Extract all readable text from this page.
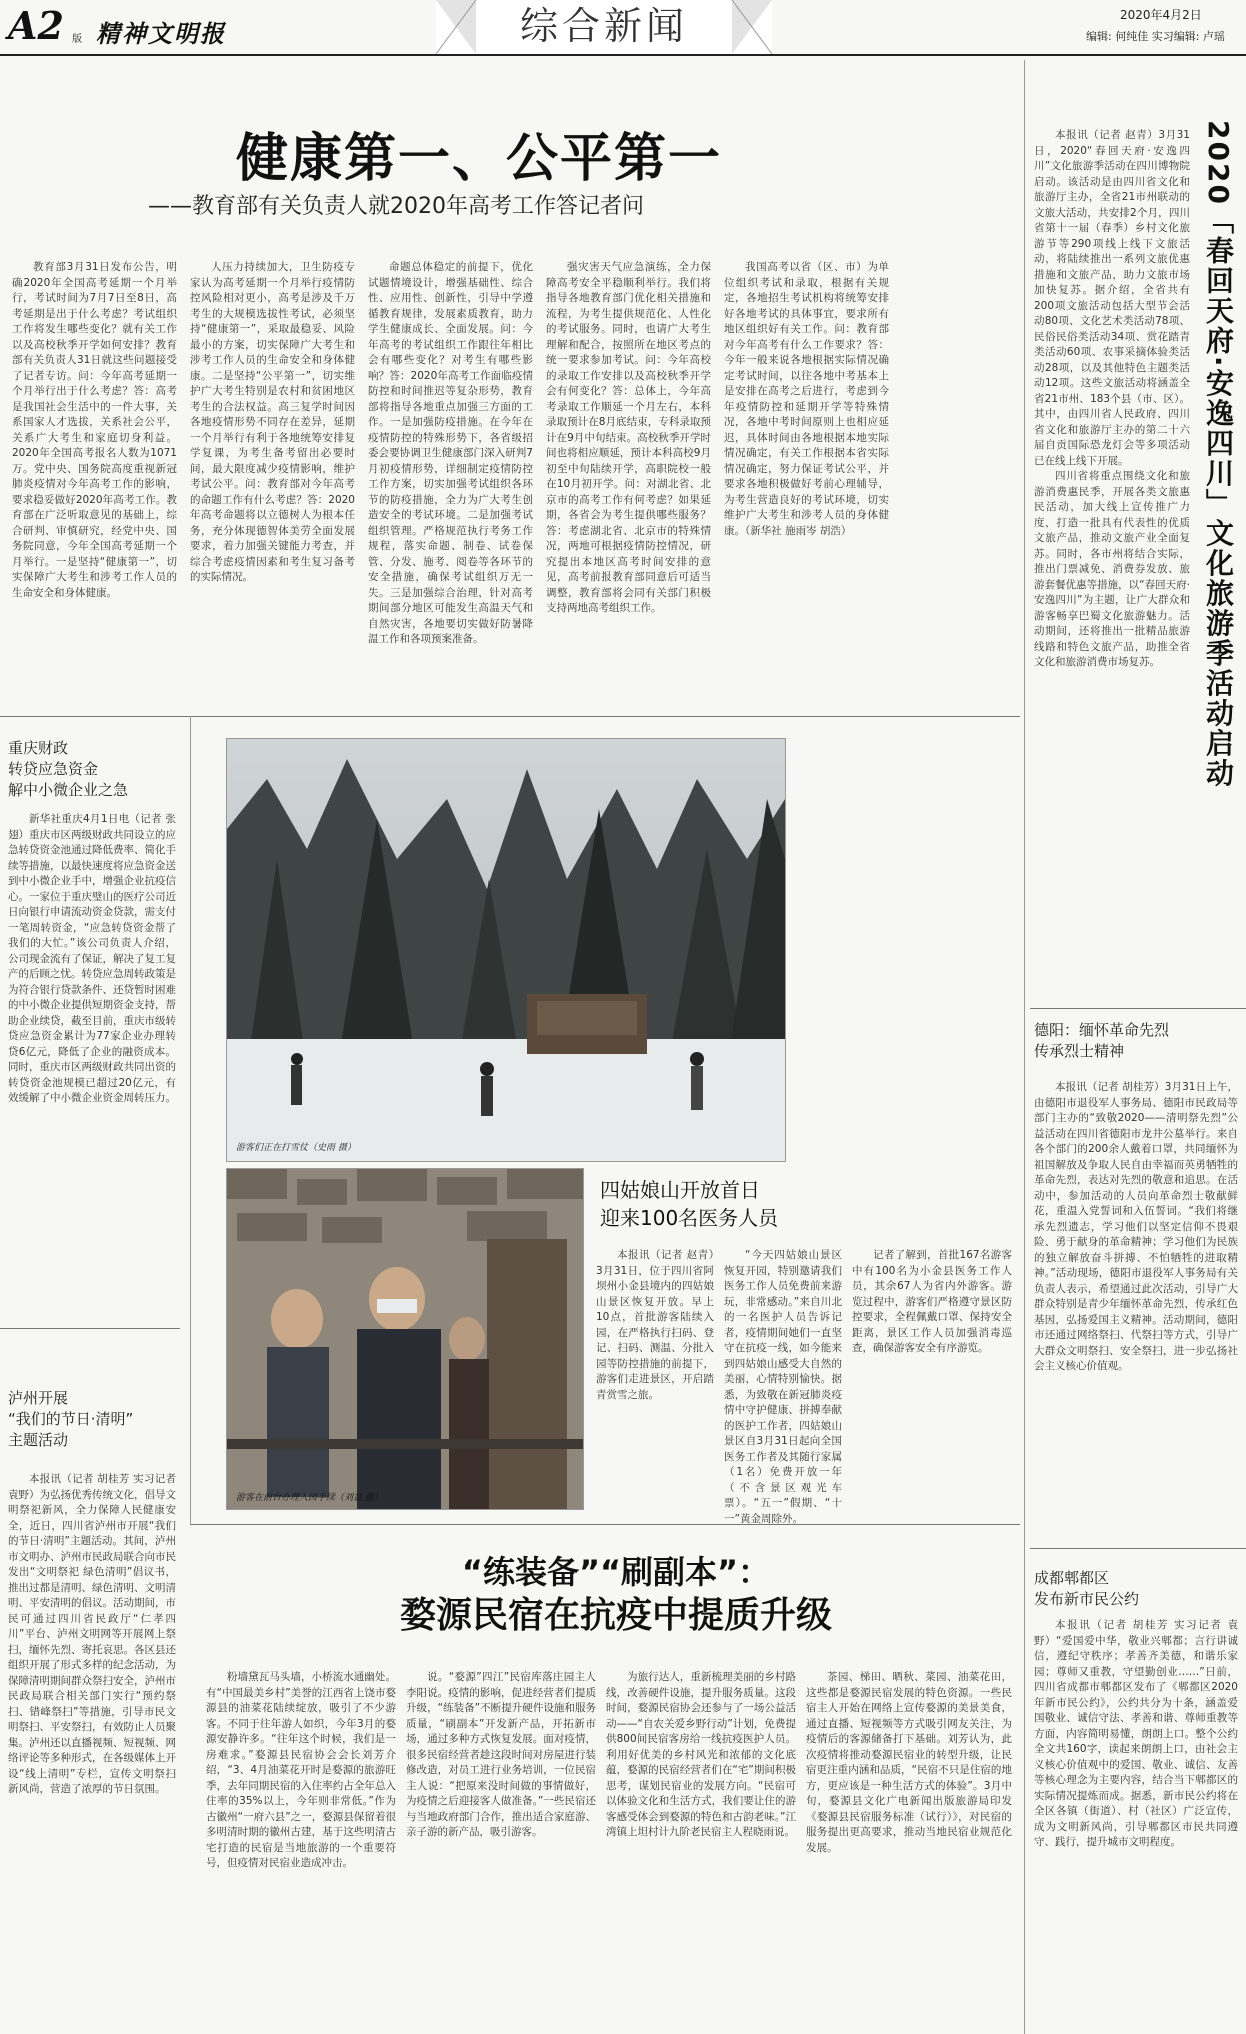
A2 版 精神文明报	综合新闻	2020年4月2日
编辑: 何纯佳 实习编辑: 卢瑶
健康第一、公平第一
——教育部有关负责人就2020年高考工作答记者问

教育部3月31日发布公告，明确2020年全国高考延期一个月举行，考试时间为7月7日至8日，高考延期是出于什么考虑？考试组织工作将发生哪些变化？就有关工作以及高校秋季开学如何安排？教育部有关负责人31日就这些问题接受了记者专访。问：今年高考延期一个月举行出于什么考虑？答：高考是我国社会生活中的一件大事，关系国家人才选拔，关系社会公平，关系广大考生和家庭切身利益。2020年全国高考报名人数为1071万。党中央、国务院高度重视新冠肺炎疫情对今年高考工作的影响，要求稳妥做好2020年高考工作。教育部在广泛听取意见的基础上，综合研判、审慎研究，经党中央、国务院同意，今年全国高考延期一个月举行。一是坚持“健康第一”，切实保障广大考生和涉考工作人员的生命安全和身体健康。

人压力持续加大，卫生防疫专家认为高考延期一个月举行疫情防控风险相对更小，高考是涉及千万考生的大规模选拔性考试，必须坚持“健康第一”，采取最稳妥、风险最小的方案，切实保障广大考生和涉考工作人员的生命安全和身体健康。二是坚持“公平第一”，切实维护广大考生特别是农村和贫困地区考生的合法权益。高三复学时间因各地疫情形势不同存在差异，延期一个月举行有利于各地统筹安排复学复课，为考生备考留出必要时间，最大限度减少疫情影响，维护考试公平。问：教育部对今年高考的命题工作有什么考虑？答：2020年高考命题将以立德树人为根本任务，充分体现德智体美劳全面发展要求，着力加强关键能力考查，并综合考虑疫情因素和考生复习备考的实际情况。

命题总体稳定的前提下，优化试题情境设计，增强基础性、综合性、应用性、创新性，引导中学遵循教育规律，发展素质教育，助力学生健康成长、全面发展。问：今年高考的考试组织工作跟往年相比会有哪些变化？对考生有哪些影响？答：2020年高考工作面临疫情防控和时间推迟等复杂形势，教育部将指导各地重点加强三方面的工作。一是加强防疫措施。在今年在疫情防控的特殊形势下，各省级招委会要协调卫生健康部门深入研判7月初疫情形势，详细制定疫情防控工作方案，切实加强考试组织各环节的防疫措施，全力为广大考生创造安全的考试环境。二是加强考试组织管理。严格规范执行考务工作规程，落实命题、制卷、试卷保管、分发、施考、阅卷等各环节的安全措施，确保考试组织万无一失。三是加强综合治理，针对高考期间部分地区可能发生高温天气和自然灾害，各地要切实做好防暑降温工作和各项预案准备。

强灾害天气应急演练，全力保障高考安全平稳顺利举行。我们将指导各地教育部门优化相关措施和流程，为考生提供规范化、人性化的考试服务。同时，也请广大考生理解和配合，按照所在地区考点的统一要求参加考试。问：今年高校的录取工作安排以及高校秋季开学会有何变化？答：总体上，今年高考录取工作顺延一个月左右，本科录取预计在8月底结束，专科录取预计在9月中旬结束。高校秋季开学时间也将相应顺延，预计本科高校9月初至中旬陆续开学，高职院校一般在10月初开学。问：对湖北省、北京市的高考工作有何考虑？如果延期，各省会为考生提供哪些服务？答：考虑湖北省、北京市的特殊情况，两地可根据疫情防控情况，研究提出本地区高考时间安排的意见，高考前报教育部同意后可适当调整，教育部将会同有关部门积极支持两地高考组织工作。

我国高考以省（区、市）为单位组织考试和录取，根据有关规定，各地招生考试机构将统筹安排好各地考试的具体事宜，要求所有地区组织好有关工作。问：教育部对今年高考有什么工作要求？答：今年一般来说各地根据实际情况确定考试时间，以往各地中考基本上是安排在高考之后进行，考虑到今年疫情防控和延期开学等特殊情况，各地中考时间原则上也相应延迟，具体时间由各地根据本地实际情况确定，有关工作根据本省实际情况确定，努力保证考试公平，并要求各地积极做好考前心理辅导，为考生营造良好的考试环境，切实维护广大考生和涉考人员的身体健康。（新华社 施雨岑 胡浩）	2020「春回天府·安逸四川」文化旅游季活动启动

本报讯（记者 赵青）3月31日，2020“春回天府·安逸四川”文化旅游季活动在四川博物院启动。该活动是由四川省文化和旅游厅主办，全省21市州联动的文旅大活动，共安排2个月，四川省第十一届（春季）乡村文化旅游节等290项线上线下文旅活动，将陆续推出一系列文旅优惠措施和文旅产品，助力文旅市场加快复苏。据介绍，全省共有200项文旅活动包括大型节会活动80项、文化艺术类活动78项、民俗民俗类活动34项、赏花踏青类活动60项、农事采摘体验类活动28项，以及其他特色主题类活动12项。这些文旅活动将涵盖全省21市州、183个县（市、区）。其中，由四川省人民政府、四川省文化和旅游厅主办的第二十六届自贡国际恐龙灯会等多项活动已在线上线下开展。

四川省将重点围绕文化和旅游消费惠民季，开展各类文旅惠民活动，加大线上宣传推广力度，打造一批具有代表性的优质文旅产品，推动文旅产业全面复苏。同时，各市州将结合实际，推出门票减免、消费券发放、旅游套餐优惠等措施，以“春回天府·安逸四川”为主题，让广大群众和游客畅享巴蜀文化旅游魅力。活动期间，还将推出一批精品旅游线路和特色文旅产品，助推全省文化和旅游消费市场复苏。

重庆财政
转贷应急资金
解中小微企业之急

新华社重庆4月1日电（记者 张翅）重庆市区两级财政共同设立的应急转贷资金池通过降低费率、简化手续等措施，以最快速度将应急资金送到中小微企业手中，增强企业抗疫信心。一家位于重庆璧山的医疗公司近日向银行申请流动资金贷款，需支付一笔周转资金，“应急转贷资金帮了我们的大忙。”该公司负责人介绍，公司现金流有了保证，解决了复工复产的后顾之忧。转贷应急周转政策是为符合银行贷款条件、还贷暂时困难的中小微企业提供短期资金支持，帮助企业续贷，截至目前，重庆市级转贷应急资金累计为77家企业办理转贷6亿元，降低了企业的融资成本。同时，重庆市区两级财政共同出资的转贷资金池规模已超过20亿元，有效缓解了中小微企业资金周转压力。

泸州开展
“我们的节日·清明”
主题活动

本报讯（记者 胡桂芳 实习记者 袁野）为弘扬优秀传统文化，倡导文明祭祀新风，全力保障人民健康安全，近日，四川省泸州市开展“我们的节日·清明”主题活动。其间，泸州市文明办、泸州市民政局联合向市民发出“文明祭祀 绿色清明”倡议书，推出过都是清明、绿色清明、文明清明、平安清明的倡议。活动期间，市民可通过四川省民政厅“仁孝四川”平台、泸州文明网等开展网上祭扫，缅怀先烈、寄托哀思。各区县还组织开展了形式多样的纪念活动，为保障清明期间群众祭扫安全，泸州市民政局联合相关部门实行“预约祭扫、错峰祭扫”等措施，引导市民文明祭扫、平安祭扫，有效防止人员聚集。泸州还以直播视频、短视频、网络评论等多种形式，在各级媒体上开设“线上清明”专栏，宣传文明祭扫新风尚，营造了浓厚的节日氛围。

游客们正在打雪仗（史雨 摄）
游客在前台办理入园手续（刘益 摄）
四姑娘山开放首日
迎来100名医务人员

本报讯（记者 赵青）3月31日，位于四川省阿坝州小金县境内的四姑娘山景区恢复开放。早上10点，首批游客陆续入园，在严格执行扫码、登记、扫码、测温、分批入园等防控措施的前提下，游客们走进景区，开启踏青赏雪之旅。

“今天四姑娘山景区恢复开园，特别邀请我们医务工作人员免费前来游玩，非常感动。”来自川北的一名医护人员告诉记者，疫情期间她们一直坚守在抗疫一线，如今能来到四姑娘山感受大自然的美丽，心情特别愉快。据悉，为致敬在新冠肺炎疫情中守护健康、拼搏奉献的医护工作者，四姑娘山景区自3月31日起向全国医务工作者及其随行家属（1名）免费开放一年（不含景区观光车票）。“五一”假期、“十一”黄金周除外。

记者了解到，首批167名游客中有100名为小金县医务工作人员，其余67人为省内外游客。游览过程中，游客们严格遵守景区防控要求，全程佩戴口罩、保持安全距离，景区工作人员加强消毒巡查，确保游客安全有序游览。

德阳：缅怀革命先烈
传承烈士精神

本报讯（记者 胡桂芳）3月31日上午，由德阳市退役军人事务局、德阳市民政局等部门主办的“致敬2020——清明祭先烈”公益活动在四川省德阳市龙井公墓举行。来自各个部门的200余人戴着口罩，共同缅怀为祖国解放及争取人民自由幸福而英勇牺牲的革命先烈，表达对先烈的敬意和追思。在活动中，参加活动的人员向革命烈士敬献鲜花，重温入党誓词和入伍誓词。“我们将继承先烈遗志，学习他们以坚定信仰不畏艰险、勇于献身的革命精神；学习他们为民族的独立解放奋斗拼搏、不怕牺牲的进取精神。”活动现场，德阳市退役军人事务局有关负责人表示，希望通过此次活动，引导广大群众特别是青少年缅怀革命先烈，传承红色基因，弘扬爱国主义精神。活动期间，德阳市还通过网络祭扫、代祭扫等方式，引导广大群众文明祭扫、安全祭扫，进一步弘扬社会主义核心价值观。

成都郫都区
发布新市民公约

本报讯（记者 胡桂芳 实习记者 袁野）“爱国爱中华，敬业兴郫都；言行讲诚信，遵纪守秩序；孝善齐美德，和谐乐家园；尊师又重教，守望勤创业……”日前，四川省成都市郫都区发布了《郫都区2020年新市民公约》，公约共分为十条，涵盖爱国敬业、诚信守法、孝善和谐、尊师重教等方面，内容简明易懂，朗朗上口。整个公约全文共160字，读起来朗朗上口，由社会主义核心价值观中的爱国、敬业、诚信、友善等核心理念为主要内容，结合当下郫都区的实际情况提炼而成。据悉，新市民公约将在全区各镇（街道）、村（社区）广泛宣传，成为文明新风尚，引导郫都区市民共同遵守、践行，提升城市文明程度。

“练装备”“刷副本”：
婺源民宿在抗疫中提质升级

粉墙黛瓦马头墙，小桥流水通幽处。有“中国最美乡村”美誉的江西省上饶市婺源县的油菜花陆续绽放，吸引了不少游客。不同于往年游人如织，今年3月的婺源安静许多。“往年这个时候，我们是一房难求。”婺源县民宿协会会长刘芳介绍，“3、4月油菜花开时是婺源的旅游旺季，去年同期民宿的入住率约占全年总入住率的35%以上，今年则非常低。”作为古徽州“一府六县”之一，婺源县保留着很多明清时期的徽州古建，基于这些明清古宅打造的民宿是当地旅游的一个重要符号，但疫情对民宿业造成冲击。

说。“婺源”四江”民宿库落庄园主人李阳说。疫情的影响，促进经营者们提质升级，“练装备”不断提升硬件设施和服务质量，“刷副本”开发新产品，开拓新市场，通过多种方式恢复发展。面对疫情，很多民宿经营者趁这段时间对房屋进行装修改造，对员工进行业务培训，一位民宿主人说：“把原来没时间做的事情做好，为疫情之后迎接客人做准备。”一些民宿还与当地政府部门合作，推出适合家庭游、亲子游的新产品，吸引游客。

为旅行达人，重新梳理美丽的乡村路线，改善硬件设施，提升服务质量。这段时间，婺源民宿协会还参与了一场公益活动——“自农关爱乡野行动”计划，免费提供800间民宿客房给一线抗疫医护人员。利用好优美的乡村风光和浓郁的文化底蕴，婺源的民宿经营者们在“宅”期间积极思考，谋划民宿业的发展方向。“民宿可以体验文化和生活方式，我们要让住的游客感受体会到婺源的特色和古韵老味。”江湾镇上坦村计九阶老民宿主人程晓雨说。

茶园、梯田、晒秋、菜园、油菜花田，这些都是婺源民宿发展的特色资源。一些民宿主人开始在网络上宣传婺源的美景美食，通过直播、短视频等方式吸引网友关注，为疫情后的客源储备打下基础。刘芳认为，此次疫情将推动婺源民宿业的转型升级，让民宿更注重内涵和品质，“民宿不只是住宿的地方，更应该是一种生活方式的体验”。3月中旬，婺源县文化广电新闻出版旅游局印发《婺源县民宿服务标准（试行）》，对民宿的服务提出更高要求，推动当地民宿业规范化发展。
